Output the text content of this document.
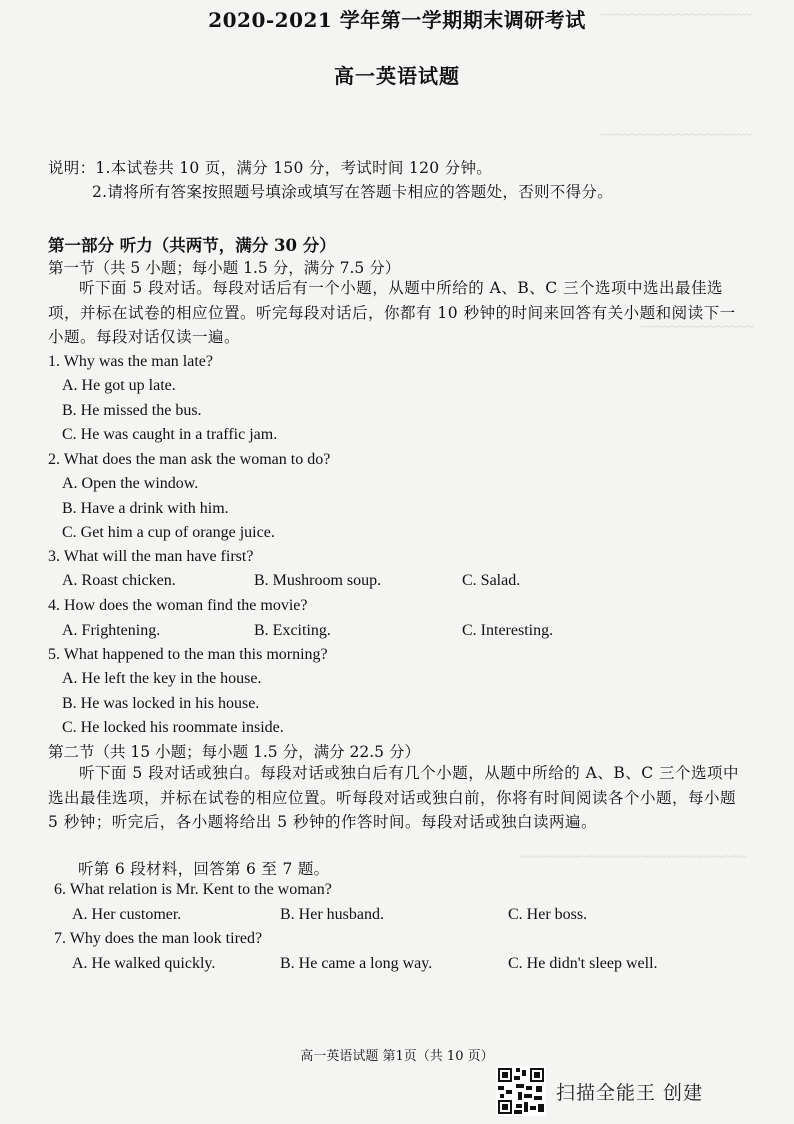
~~~~~~~~~~~~~~~~~~~~
~~~~~~~~~~~~~~~~~~~~
~~~~~~~~~~~~~~~
~~~~~~~~~~~~~~~~~~~~~~~~~~~~~~
2020-2021 学年第一学期期末调研考试
高一英语试题
说明：1.本试卷共 10 页，满分 150 分，考试时间 120 分钟。
2.请将所有答案按照题号填涂或填写在答题卡相应的答题处，否则不得分。
第一部分 听力（共两节，满分 30 分）
第一节（共 5 小题；每小题 1.5 分，满分 7.5 分）
听下面 5 段对话。每段对话后有一个小题，从题中所给的 A、B、C 三个选项中选出最佳选项，并标在试卷的相应位置。听完每段对话后，你都有 10 秒钟的时间来回答有关小题和阅读下一小题。每段对话仅读一遍。
1. Why was the man late?
A. He got up late.
B. He missed the bus.
C. He was caught in a traffic jam.
2. What does the man ask the woman to do?
A. Open the window.
B. Have a drink with him.
C. Get him a cup of orange juice.
3. What will the man have first?
A. Roast chicken.	B. Mushroom soup.	C. Salad.
4. How does the woman find the movie?
A. Frightening.	B. Exciting.	C. Interesting.
5. What happened to the man this morning?
A. He left the key in the house.
B. He was locked in his house.
C. He locked his roommate inside.
第二节（共 15 小题；每小题 1.5 分，满分 22.5 分）
听下面 5 段对话或独白。每段对话或独白后有几个小题，从题中所给的 A、B、C 三个选项中选出最佳选项，并标在试卷的相应位置。听每段对话或独白前，你将有时间阅读各个小题，每小题 5 秒钟；听完后，各小题将给出 5 秒钟的作答时间。每段对话或独白读两遍。
听第 6 段材料，回答第 6 至 7 题。
6. What relation is Mr. Kent to the woman?
A. Her customer.	B. Her husband.	C. Her boss.
7. Why does the man look tired?
A. He walked quickly.	B. He came a long way.	C. He didn't sleep well.
高一英语试题 第1页（共 10 页）
扫描全能王 创建
